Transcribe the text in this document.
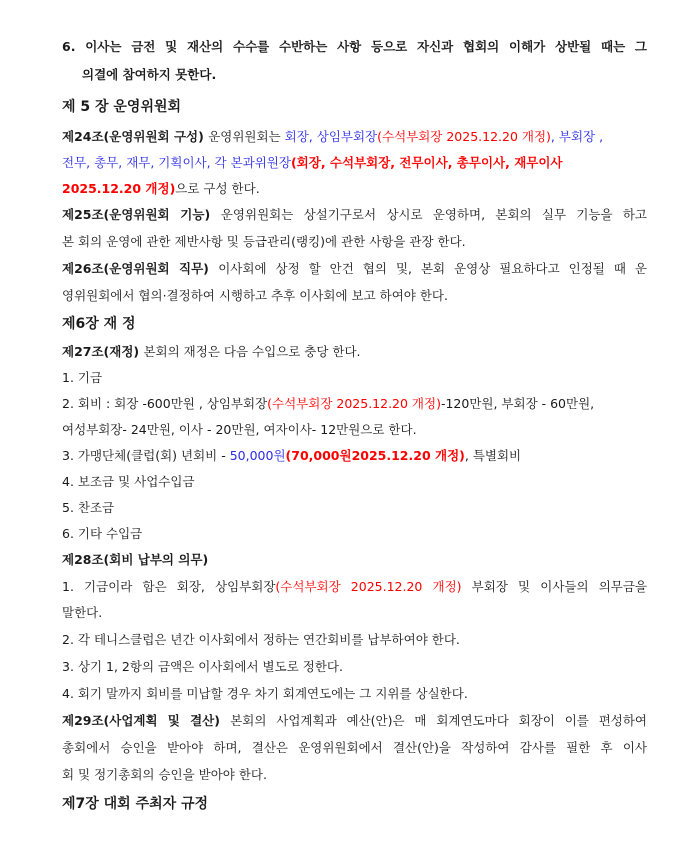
6. 이사는 금전 및 재산의 수수를 수반하는 사항 등으로 자신과 협회의 이해가 상반될 때는 그
의결에 참여하지 못한다.
제 5 장 운영위원회
제24조(운영위원회 구성) 운영위원회는 회장, 상임부회장(수석부회장 2025.12.20 개정), 부회장 ,
전무, 총무, 재무, 기획이사, 각 본과위원장(회장, 수석부회장, 전무이사, 총무이사, 재무이사
2025.12.20 개정)으로 구성 한다.
제25조(운영위원회 기능) 운영위원회는 상설기구로서 상시로 운영하며, 본회의 실무 기능을 하고
본 회의 운영에 관한 제반사항 및 등급관리(랭킹)에 관한 사항을 관장 한다.
제26조(운영위원회 직무) 이사회에 상정 할 안건 협의 및, 본회 운영상 필요하다고 인정될 때 운
영위원회에서 협의·결정하여 시행하고 추후 이사회에 보고 하여야 한다.
제6장 재 정
제27조(재정) 본회의 재정은 다음 수입으로 충당 한다.
1. 기금
2. 회비 : 회장 -600만원 , 상임부회장(수석부회장 2025.12.20 개정)-120만원, 부회장 - 60만원,
여성부회장- 24만원, 이사 - 20만원, 여자이사- 12만원으로 한다.
3. 가맹단체(클럽(회) 년회비 - 50,000원(70,000원2025.12.20 개정), 특별회비
4. 보조금 및 사업수입금
5. 찬조금
6. 기타 수입금
제28조(회비 납부의 의무)
1. 기금이라 함은 회장, 상임부회장(수석부회장 2025.12.20 개정) 부회장 및 이사들의 의무금을
말한다.
2. 각 테니스클럽은 년간 이사회에서 정하는 연간회비를 납부하여야 한다.
3. 상기 1, 2항의 금액은 이사회에서 별도로 정한다.
4. 회기 말까지 회비를 미납할 경우 차기 회계연도에는 그 지위를 상실한다.
제29조(사업계획 및 결산) 본회의 사업계획과 예산(안)은 매 회계연도마다 회장이 이를 편성하여
총회에서 승인을 받아야 하며, 결산은 운영위원회에서 결산(안)을 작성하여 감사를 필한 후 이사
회 및 정기총회의 승인을 받아야 한다.
제7장 대회 주최자 규정
